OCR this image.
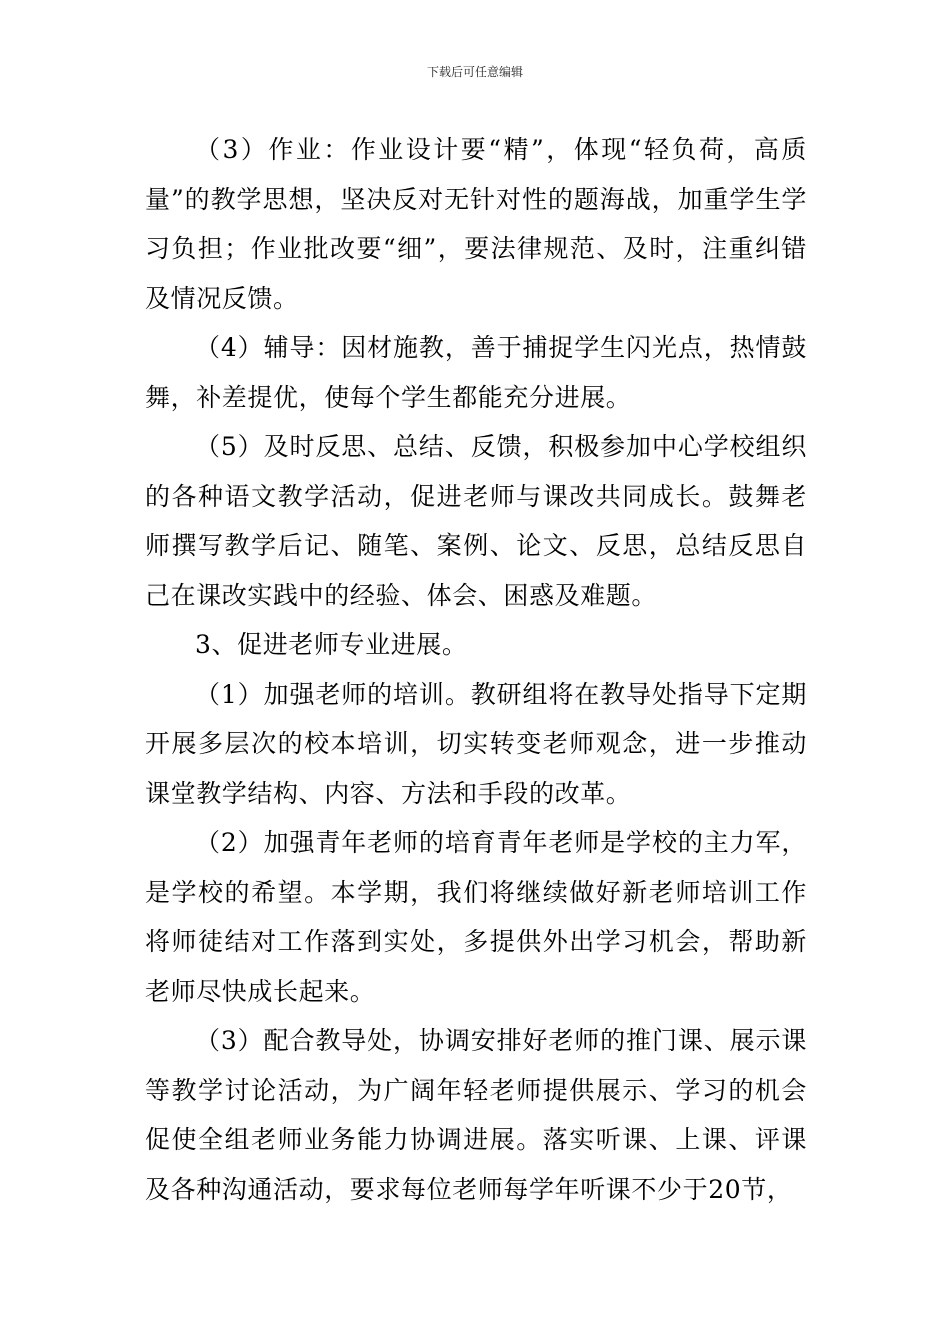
下载后可任意编辑

（3）作业：作业设计要“精”，体现“轻负荷，高质量”的教学思想，坚决反对无针对性的题海战，加重学生学习负担；作业批改要“细”，要法律规范、及时，注重纠错及情况反馈。

（4）辅导：因材施教，善于捕捉学生闪光点，热情鼓舞，补差提优，使每个学生都能充分进展。

（5）及时反思、总结、反馈，积极参加中心学校组织的各种语文教学活动，促进老师与课改共同成长。鼓舞老师撰写教学后记、随笔、案例、论文、反思，总结反思自己在课改实践中的经验、体会、困惑及难题。

3、促进老师专业进展。

（1）加强老师的培训。教研组将在教导处指导下定期开展多层次的校本培训，切实转变老师观念，进一步推动课堂教学结构、内容、方法和手段的改革。

（2）加强青年老师的培育青年老师是学校的主力军，是学校的希望。本学期，我们将继续做好新老师培训工作将师徒结对工作落到实处，多提供外出学习机会，帮助新老师尽快成长起来。

（3）配合教导处，协调安排好老师的推门课、展示课等教学讨论活动，为广阔年轻老师提供展示、学习的机会促使全组老师业务能力协调进展。落实听课、上课、评课及各种沟通活动，要求每位老师每学年听课不少于20节，
